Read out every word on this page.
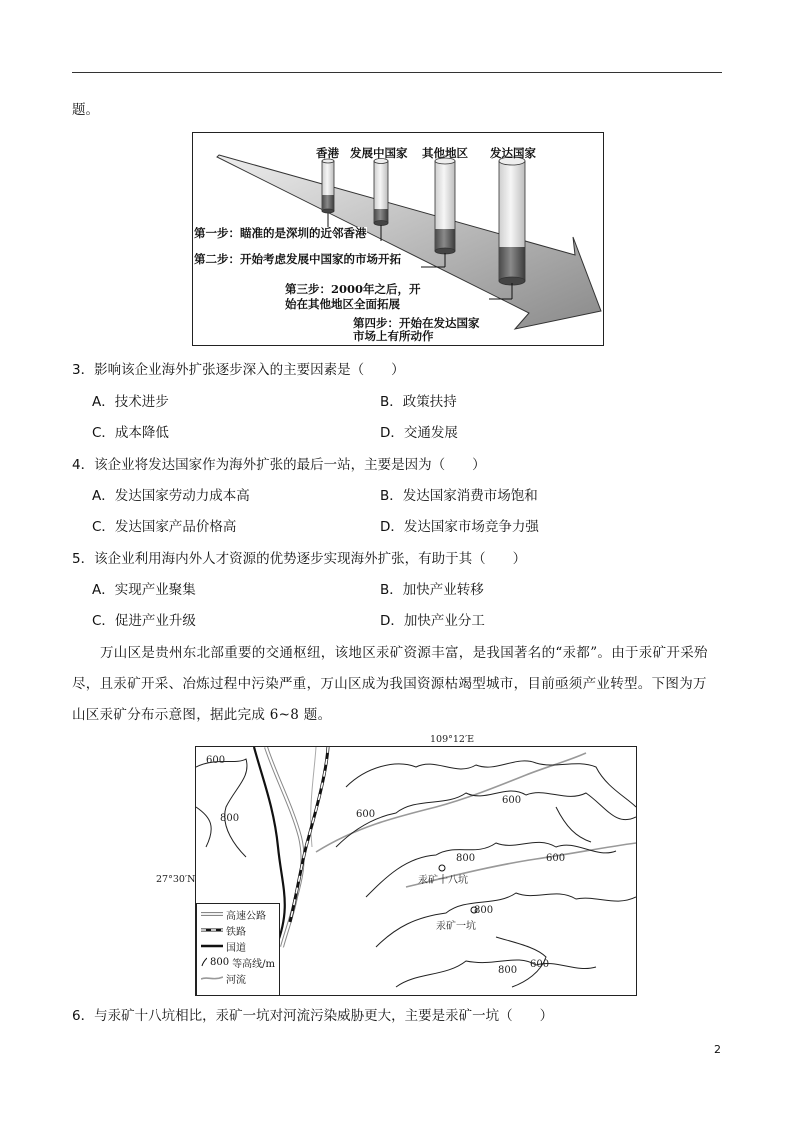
题。
香港 发展中国家 其他地区 发达国家
第一步：瞄准的是深圳的近邻香港
第二步：开始考虑发展中国家的市场开拓
第三步：2000年之后，开
始在其他地区全面拓展
第四步：开始在发达国家
市场上有所动作
3．影响该企业海外扩张逐步深入的主要因素是（　　）
A．技术进步	B．政策扶持
C．成本降低	D．交通发展
4．该企业将发达国家作为海外扩张的最后一站，主要是因为（　　）
A．发达国家劳动力成本高	B．发达国家消费市场饱和
C．发达国家产品价格高	D．发达国家市场竞争力强
5．该企业利用海内外人才资源的优势逐步实现海外扩张，有助于其（　　）
A．实现产业聚集	B．加快产业转移
C．促进产业升级	D．加快产业分工
万山区是贵州东北部重要的交通枢纽，该地区汞矿资源丰富，是我国著名的“汞都”。由于汞矿开采殆
尽，且汞矿开采、冶炼过程中污染严重，万山区成为我国资源枯竭型城市，目前亟须产业转型。下图为万
山区汞矿分布示意图，据此完成 6~8 题。
109°12′E
27°30′N
600
800	600
600
800	600
800
800
600
汞矿十八坑
汞矿一坑
高速公路
铁路
国道
800 等高线/m
河流
6．与汞矿十八坑相比，汞矿一坑对河流污染威胁更大，主要是汞矿一坑（　　）
2
